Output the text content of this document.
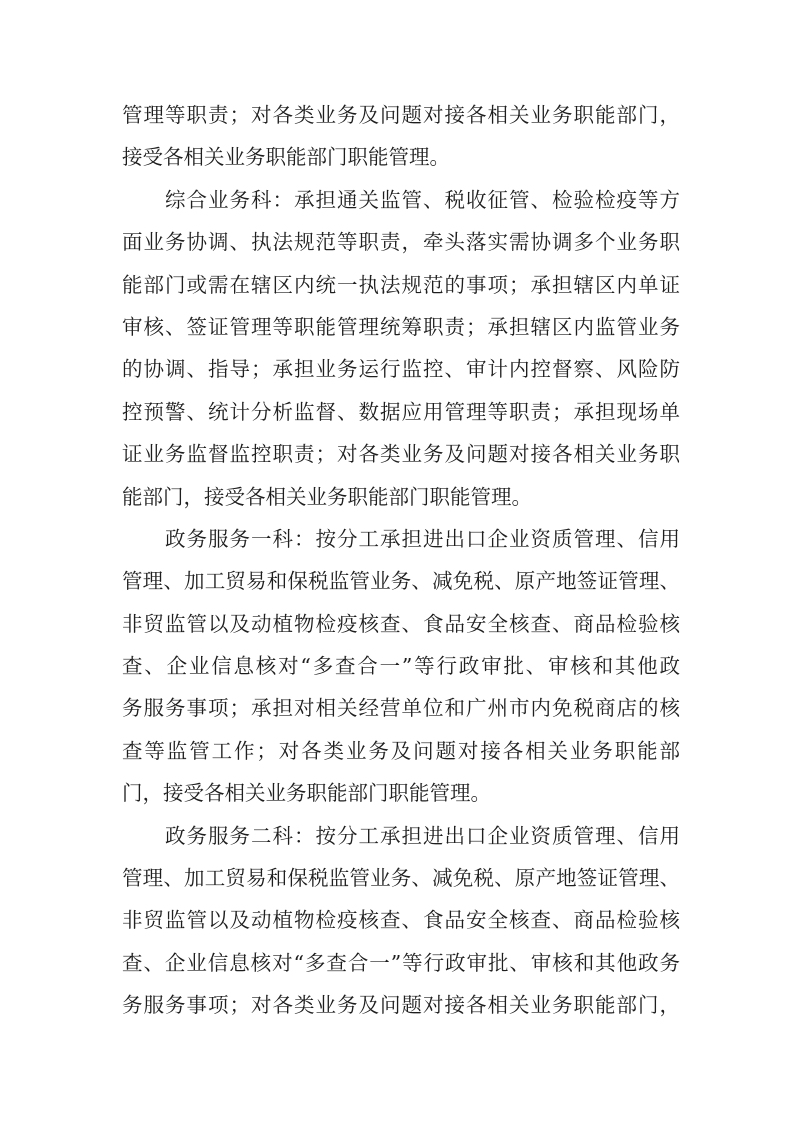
管理等职责；对各类业务及问题对接各相关业务职能部门，
接受各相关业务职能部门职能管理。
综合业务科：承担通关监管、税收征管、检验检疫等方
面业务协调、执法规范等职责，牵头落实需协调多个业务职
能部门或需在辖区内统一执法规范的事项；承担辖区内单证
审核、签证管理等职能管理统筹职责；承担辖区内监管业务
的协调、指导；承担业务运行监控、审计内控督察、风险防
控预警、统计分析监督、数据应用管理等职责；承担现场单
证业务监督监控职责；对各类业务及问题对接各相关业务职
能部门，接受各相关业务职能部门职能管理。
政务服务一科：按分工承担进出口企业资质管理、信用
管理、加工贸易和保税监管业务、减免税、原产地签证管理、
非贸监管以及动植物检疫核查、食品安全核查、商品检验核
查、企业信息核对“多查合一”等行政审批、审核和其他政
务服务事项；承担对相关经营单位和广州市内免税商店的核
查等监管工作；对各类业务及问题对接各相关业务职能部
门，接受各相关业务职能部门职能管理。
政务服务二科：按分工承担进出口企业资质管理、信用
管理、加工贸易和保税监管业务、减免税、原产地签证管理、
非贸监管以及动植物检疫核查、食品安全核查、商品检验核
查、企业信息核对“多查合一”等行政审批、审核和其他政务
务服务事项；对各类业务及问题对接各相关业务职能部门，
